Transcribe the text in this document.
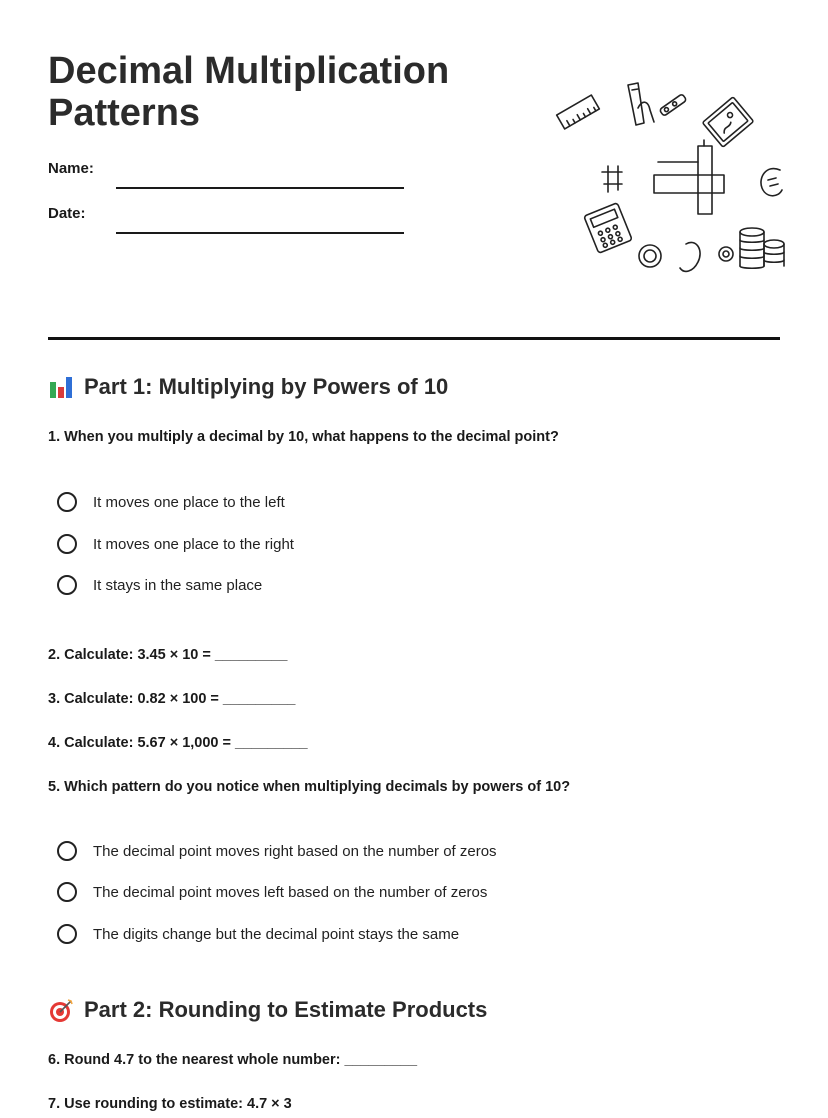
Decimal Multiplication Patterns
Name:
Date:
Part 1: Multiplying by Powers of 10
1. When you multiply a decimal by 10, what happens to the decimal point?
It moves one place to the left
It moves one place to the right
It stays in the same place
2. Calculate: 3.45 × 10 = _________
3. Calculate: 0.82 × 100 = _________
4. Calculate: 5.67 × 1,000 = _________
5. Which pattern do you notice when multiplying decimals by powers of 10?
The decimal point moves right based on the number of zeros
The decimal point moves left based on the number of zeros
The digits change but the decimal point stays the same
Part 2: Rounding to Estimate Products
6. Round 4.7 to the nearest whole number: _________
7. Use rounding to estimate: 4.7 × 3
